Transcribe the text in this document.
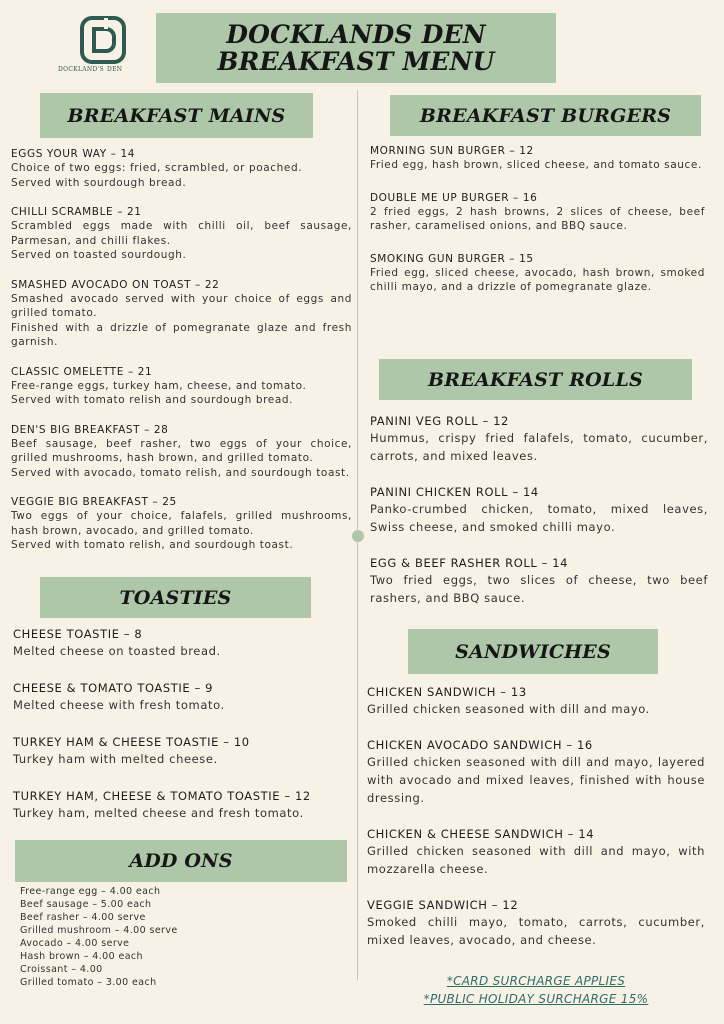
DOCKLAND'S DEN
DOCKLANDS DEN
BREAKFAST MENU
BREAKFAST MAINS
EGGS YOUR WAY – 14
Choice of two eggs: fried, scrambled, or poached.
Served with sourdough bread.
CHILLI SCRAMBLE – 21
Scrambled eggs made with chilli oil, beef sausage, Parmesan, and chilli flakes.
Served on toasted sourdough.
SMASHED AVOCADO ON TOAST – 22
Smashed avocado served with your choice of eggs and grilled tomato.
Finished with a drizzle of pomegranate glaze and fresh garnish.
CLASSIC OMELETTE – 21
Free-range eggs, turkey ham, cheese, and tomato.
Served with tomato relish and sourdough bread.
DEN'S BIG BREAKFAST – 28
Beef sausage, beef rasher, two eggs of your choice, grilled mushrooms, hash brown, and grilled tomato.
Served with avocado, tomato relish, and sourdough toast.
VEGGIE BIG BREAKFAST – 25
Two eggs of your choice, falafels, grilled mushrooms, hash brown, avocado, and grilled tomato.
Served with tomato relish, and sourdough toast.
TOASTIES
CHEESE TOASTIE – 8
Melted cheese on toasted bread.
CHEESE & TOMATO TOASTIE – 9
Melted cheese with fresh tomato.
TURKEY HAM & CHEESE TOASTIE – 10
Turkey ham with melted cheese.
TURKEY HAM, CHEESE & TOMATO TOASTIE – 12
Turkey ham, melted cheese and fresh tomato.
ADD ONS
Free-range egg – 4.00 each
Beef sausage – 5.00 each
Beef rasher – 4.00 serve
Grilled mushroom – 4.00 serve
Avocado – 4.00 serve
Hash brown – 4.00 each
Croissant – 4.00
Grilled tomato – 3.00 each
BREAKFAST BURGERS
MORNING SUN BURGER – 12
Fried egg, hash brown, sliced cheese, and tomato sauce.
DOUBLE ME UP BURGER – 16
2 fried eggs, 2 hash browns, 2 slices of cheese, beef rasher, caramelised onions, and BBQ sauce.
SMOKING GUN BURGER – 15
Fried egg, sliced cheese, avocado, hash brown, smoked chilli mayo, and a drizzle of pomegranate glaze.
BREAKFAST ROLLS
PANINI VEG ROLL – 12
Hummus, crispy fried falafels, tomato, cucumber, carrots, and mixed leaves.
PANINI CHICKEN ROLL – 14
Panko-crumbed chicken, tomato, mixed leaves, Swiss cheese, and smoked chilli mayo.
EGG & BEEF RASHER ROLL – 14
Two fried eggs, two slices of cheese, two beef rashers, and BBQ sauce.
SANDWICHES
CHICKEN SANDWICH – 13
Grilled chicken seasoned with dill and mayo.
CHICKEN AVOCADO SANDWICH – 16
Grilled chicken seasoned with dill and mayo, layered with avocado and mixed leaves, finished with house dressing.
CHICKEN & CHEESE SANDWICH – 14
Grilled chicken seasoned with dill and mayo, with mozzarella cheese.
VEGGIE SANDWICH – 12
Smoked chilli mayo, tomato, carrots, cucumber, mixed leaves, avocado, and cheese.
*CARD SURCHARGE APPLIES
*PUBLIC HOLIDAY SURCHARGE 15%
